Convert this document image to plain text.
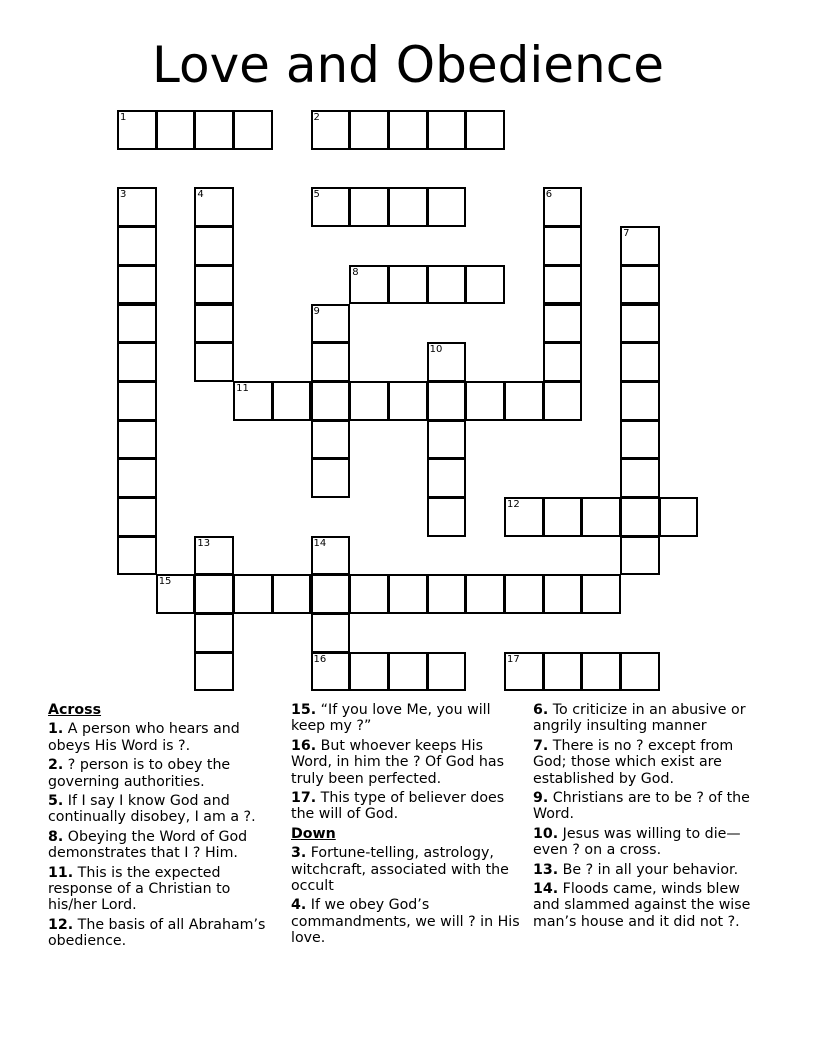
Love and Obedience
1	2
3	4	5	6
7
8
9
10
11
12
13	14
15
16	17
Across
1. A person who hears and obeys His Word is ?.
2. ? person is to obey the governing authorities.
5. If I say I know God and continually disobey, I am a ?.
8. Obeying the Word of God demonstrates that I ? Him.
11. This is the expected response of a Christian to his/her Lord.
12. The basis of all Abraham’s obedience.
15. “If you love Me, you will keep my ?”
16. But whoever keeps His Word, in him the ? Of God has truly been perfected.
17. This type of believer does the will of God.
Down
3. Fortune-telling, astrology, witchcraft, associated with the occult
4. If we obey God’s commandments, we will ? in His love.
6. To criticize in an abusive or angrily insulting manner
7. There is no ? except from God; those which exist are established by God.
9. Christians are to be ? of the Word.
10. Jesus was willing to die—even ? on a cross.
13. Be ? in all your behavior.
14. Floods came, winds blew and slammed against the wise man’s house and it did not ?.
